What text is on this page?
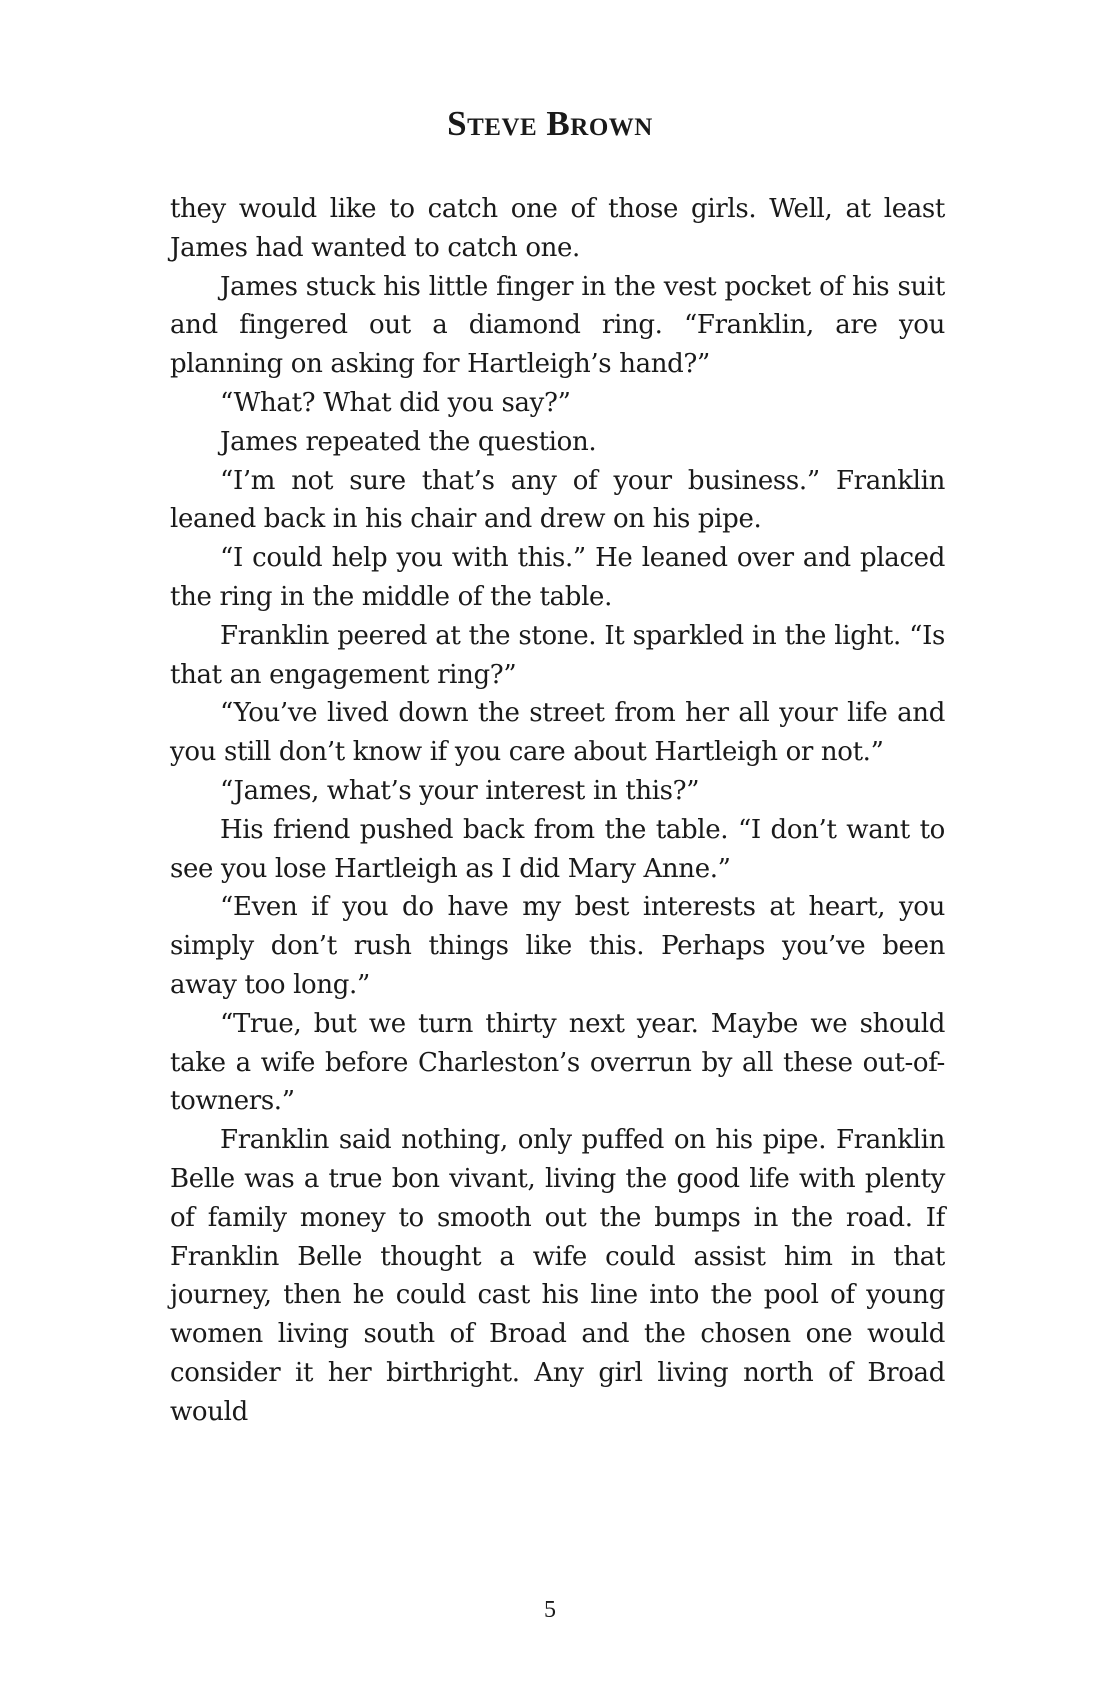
Steve Brown

they would like to catch one of those girls. Well, at least James had wanted to catch one.

James stuck his little finger in the vest pocket of his suit and fingered out a diamond ring. “Franklin, are you planning on asking for Hartleigh’s hand?”

“What? What did you say?”

James repeated the question.

“I’m not sure that’s any of your business.” Franklin leaned back in his chair and drew on his pipe.

“I could help you with this.” He leaned over and placed the ring in the middle of the table.

Franklin peered at the stone. It sparkled in the light. “Is that an engagement ring?”

“You’ve lived down the street from her all your life and you still don’t know if you care about Hartleigh or not.”

“James, what’s your interest in this?”

His friend pushed back from the table. “I don’t want to see you lose Hartleigh as I did Mary Anne.”

“Even if you do have my best interests at heart, you simply don’t rush things like this. Perhaps you’ve been away too long.”

“True, but we turn thirty next year. Maybe we should take a wife before Charleston’s overrun by all these out-of-towners.”

Franklin said nothing, only puffed on his pipe. Franklin Belle was a true bon vivant, living the good life with plenty of family money to smooth out the bumps in the road. If Franklin Belle thought a wife could assist him in that journey, then he could cast his line into the pool of young women living south of Broad and the chosen one would consider it her birthright. Any girl living north of Broad would

5
